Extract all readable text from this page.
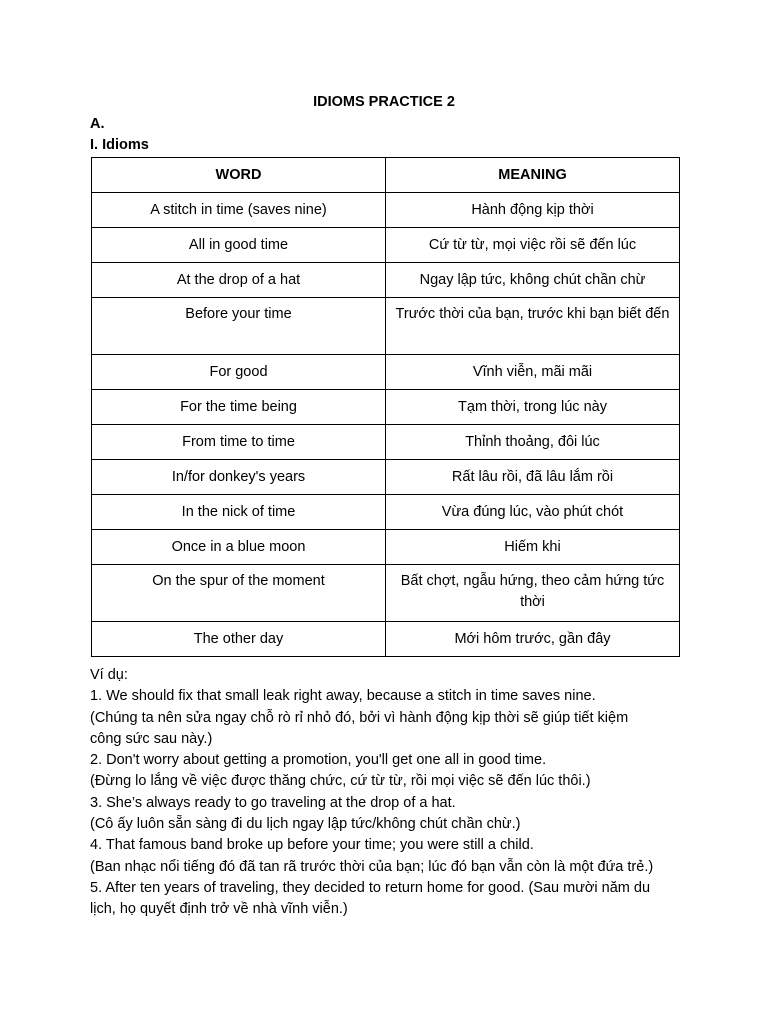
IDIOMS PRACTICE 2
A.
I. Idioms
WORD	MEANING
A stitch in time (saves nine)	Hành động kịp thời
All in good time	Cứ từ từ, mọi việc rồi sẽ đến lúc
At the drop of a hat	Ngay lập tức, không chút chần chừ
Before your time	Trước thời của bạn, trước khi bạn biết đến
For good	Vĩnh viễn, mãi mãi
For the time being	Tạm thời, trong lúc này
From time to time	Thỉnh thoảng, đôi lúc
In/for donkey's years	Rất lâu rồi, đã lâu lắm rồi
In the nick of time	Vừa đúng lúc, vào phút chót
Once in a blue moon	Hiếm khi
On the spur of the moment	Bất chợt, ngẫu hứng, theo cảm hứng tức thời
The other day	Mới hôm trước, gần đây
Ví dụ:
1. We should fix that small leak right away, because a stitch in time saves nine.
(Chúng ta nên sửa ngay chỗ rò rỉ nhỏ đó, bởi vì hành động kịp thời sẽ giúp tiết kiệm
công sức sau này.)
2. Don't worry about getting a promotion, you'll get one all in good time.
(Đừng lo lắng về việc được thăng chức, cứ từ từ, rồi mọi việc sẽ đến lúc thôi.)
3. She’s always ready to go traveling at the drop of a hat.
(Cô ấy luôn sẵn sàng đi du lịch ngay lập tức/không chút chần chừ.)
4. That famous band broke up before your time; you were still a child.
(Ban nhạc nổi tiếng đó đã tan rã trước thời của bạn; lúc đó bạn vẫn còn là một đứa trẻ.)
5. After ten years of traveling, they decided to return home for good. (Sau mười năm du
lịch, họ quyết định trở về nhà vĩnh viễn.)
